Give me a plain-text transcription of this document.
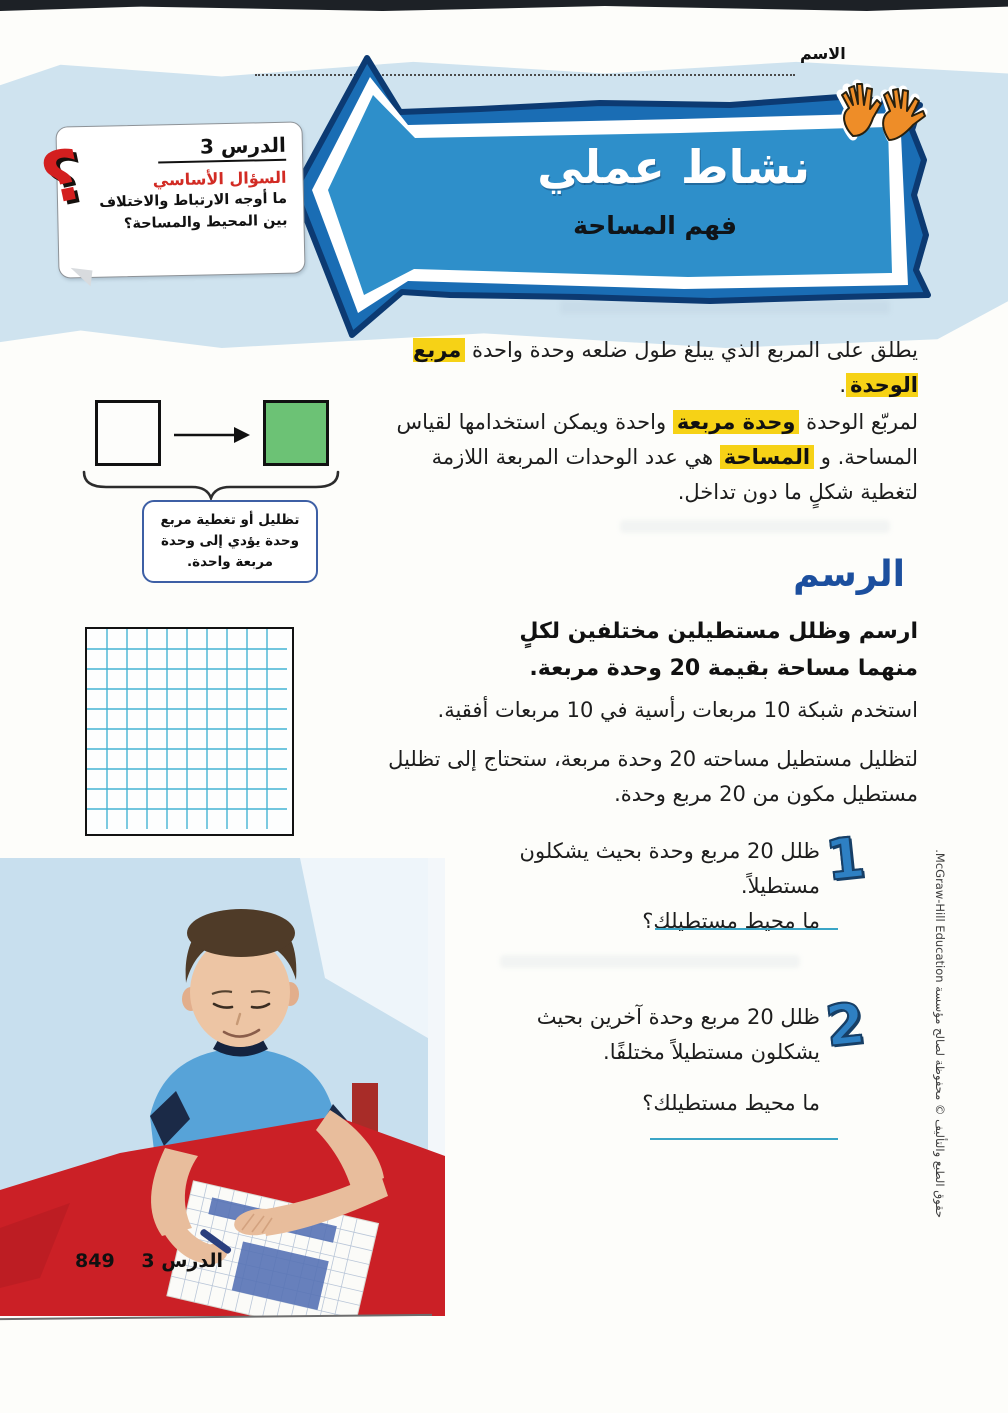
الاسم
نشاط عملي
فهم المساحة
الدرس 3
السؤال الأساسي
ما أوجه الارتباط والاختلاف بين المحيط والمساحة؟
؟
يطلق على المربع الذي يبلغ طول ضلعه وحدة واحدة مربع الوحدة.
لمربّع الوحدة وحدة مربعة واحدة ويمكن استخدامها لقياس المساحة. و المساحة هي عدد الوحدات المربعة اللازمة لتغطية شكلٍ ما دون تداخل.
تظليل أو تغطية مربع وحدة يؤدي إلى وحدة مربعة واحدة.	الرسم
ارسم وظلل مستطيلين مختلفين لكلٍ منهما مساحة بقيمة 20 وحدة مربعة.
استخدم شبكة 10 مربعات رأسية في 10 مربعات أفقية.
لتظليل مستطيل مساحته 20 وحدة مربعة، ستحتاج إلى تظليل مستطيل مكون من 20 مربع وحدة.
1
ظلل 20 مربع وحدة بحيث يشكلون مستطيلاً.
ما محيط مستطيلك؟
2
ظلل 20 مربع وحدة آخرين بحيث يشكلون مستطيلاً مختلفًا.
ما محيط مستطيلك؟
الدرس 3
849
حقوق الطبع والتأليف © محفوظة لصالح مؤسسة McGraw-Hill Education.
